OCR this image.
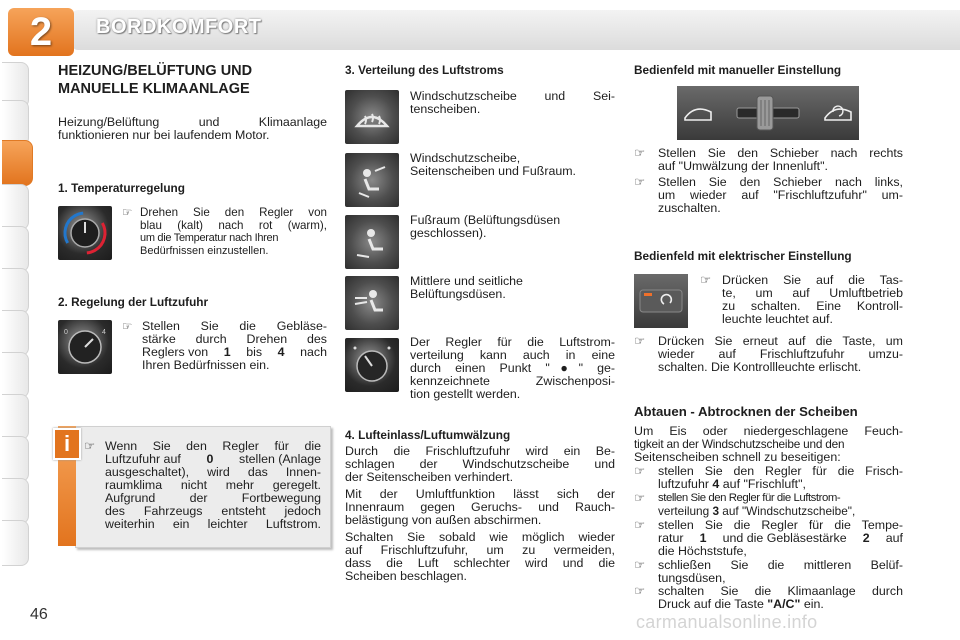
2	BORDKOMFORT
HEIZUNG/BELÜFTUNG UND
MANUELLE KLIMAANLAGE
Heizung/Belüftung und Klimaanlage
funktionieren nur bei laufendem Motor.
1. Temperaturregelung
☞ Drehen Sie den Regler von
blau (kalt) nach rot (warm),
um die Temperatur nach Ihren
Bedürfnissen einzustellen.
2. Regelung der Luftzufuhr
0	4 ☞ Stellen Sie die Gebläse-
stärke durch Drehen des
Reglers von 1 bis 4 nach
Ihren Bedürfnissen ein.
i	☞ Wenn Sie den Regler für die
Luftzufuhr auf 0 stellen (Anlage
ausgeschaltet), wird das Innen-
raumklima nicht mehr geregelt.
Aufgrund der Fortbewegung
des Fahrzeugs entsteht jedoch
weiterhin ein leichter Luftstrom.
3. Verteilung des Luftstroms
Windschutzscheibe und Sei-
tenscheiben.
Windschutzscheibe,
Seitenscheiben und Fußraum.
Fußraum (Belüftungsdüsen
geschlossen).
Mittlere und seitliche
Belüftungsdüsen.
Der Regler für die Luftstrom-
verteilung kann auch in eine
durch einen Punkt "●" ge-
kennzeichnete Zwischenposi-
tion gestellt werden.
4. Lufteinlass/Luftumwälzung
Durch die Frischluftzufuhr wird ein Be-
schlagen der Windschutzscheibe und
der Seitenscheiben verhindert.
Mit der Umluftfunktion lässt sich der
Innenraum gegen Geruchs- und Rauch-
belästigung von außen abschirmen.
Schalten Sie sobald wie möglich wieder
auf Frischluftzufuhr, um zu vermeiden,
dass die Luft schlechter wird und die
Scheiben beschlagen.
Bedienfeld mit manueller Einstellung
☞ Stellen Sie den Schieber nach rechts
auf "Umwälzung der Innenluft".
☞ Stellen Sie den Schieber nach links,
um wieder auf "Frischluftzufuhr" um-
zuschalten.
Bedienfeld mit elektrischer Einstellung
☞ Drücken Sie auf die Tas-
te, um auf Umluftbetrieb
zu schalten. Eine Kontroll-
leuchte leuchtet auf.
☞ Drücken Sie erneut auf die Taste, um
wieder auf Frischluftzufuhr umzu-
schalten. Die Kontrollleuchte erlischt.
Abtauen - Abtrocknen der Scheiben
Um Eis oder niedergeschlagene Feuch-
tigkeit an der Windschutzscheibe und den
Seitenscheiben schnell zu beseitigen:
☞ stellen Sie den Regler für die Frisch-
luftzufuhr 4 auf "Frischluft",
☞ stellen Sie den Regler für die Luftstrom-
verteilung 3 auf "Windschutzscheibe",
☞ stellen Sie die Regler für die Tempe-
ratur 1 und die Gebläsestärke 2 auf
die Höchststufe,
☞ schließen Sie die mittleren Belüf-
tungsdüsen,
☞ schalten Sie die Klimaanlage durch
Druck auf die Taste "A/C" ein.
46	carmanualsonline.info
